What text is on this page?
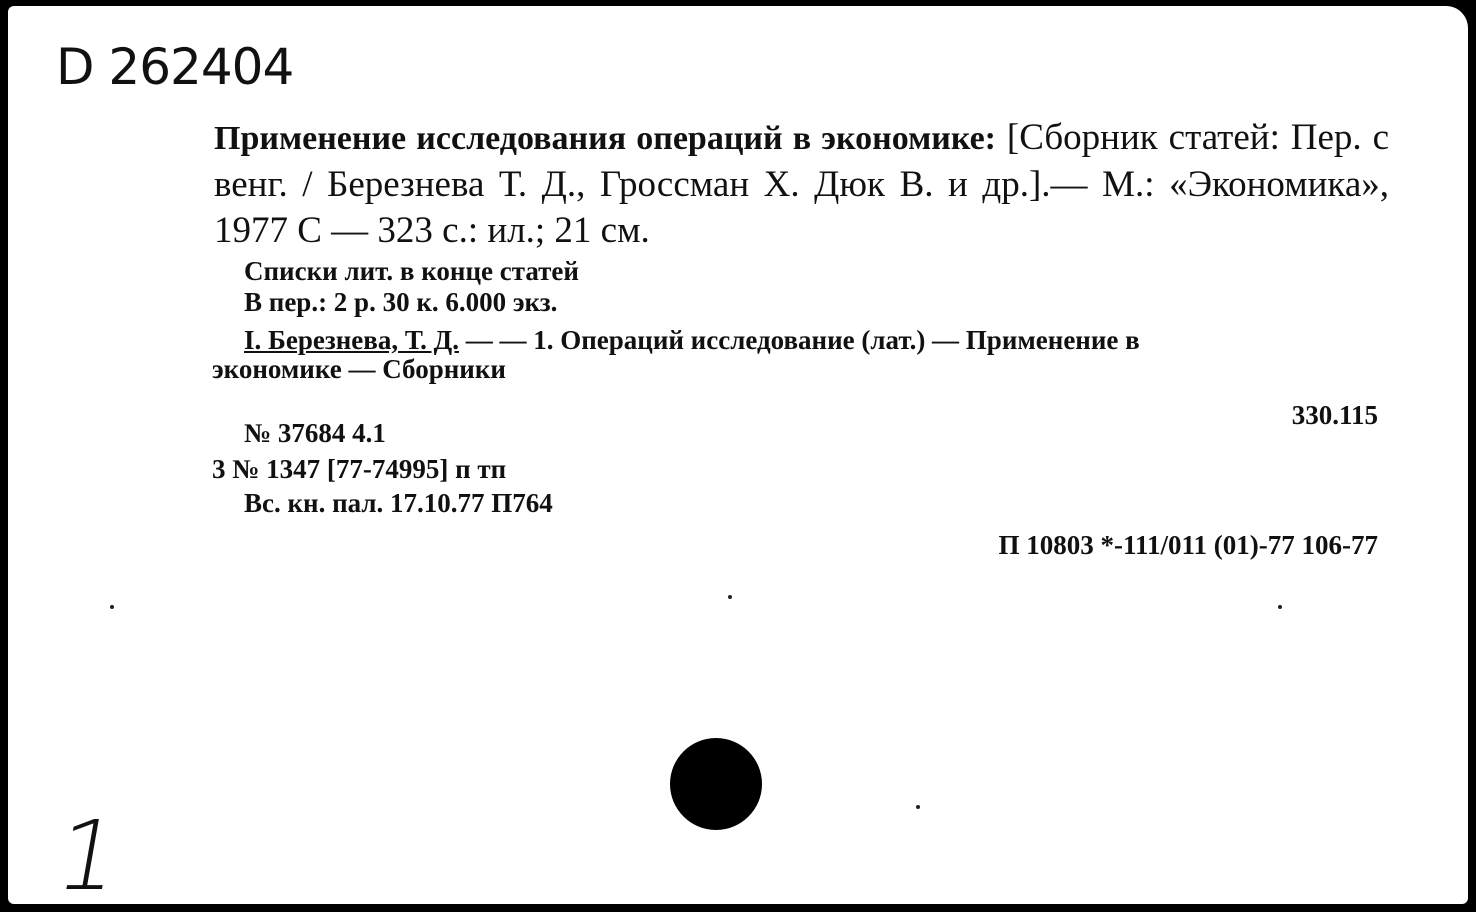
D 262404
Применение исследования операций в экономике: [Сборник статей: Пер. с венг. / Березнева Т. Д., Гроссман Х. Дюк В. и др.].— М.: «Экономика», 1977 С — 323 с.: ил.; 21 см.
Списки лит. в конце статей
В пер.: 2 р. 30 к. 6.000 экз.
I. Березнева, Т. Д. — — 1. Операций исследование (лат.) — Применение в
экономике — Сборники
330.115
№ 37684 4.1
3 № 1347 [77-74995] п тп
Вс. кн. пал. 17.10.77 П764
П 10803 *-111/011 (01)-77 106-77
1
